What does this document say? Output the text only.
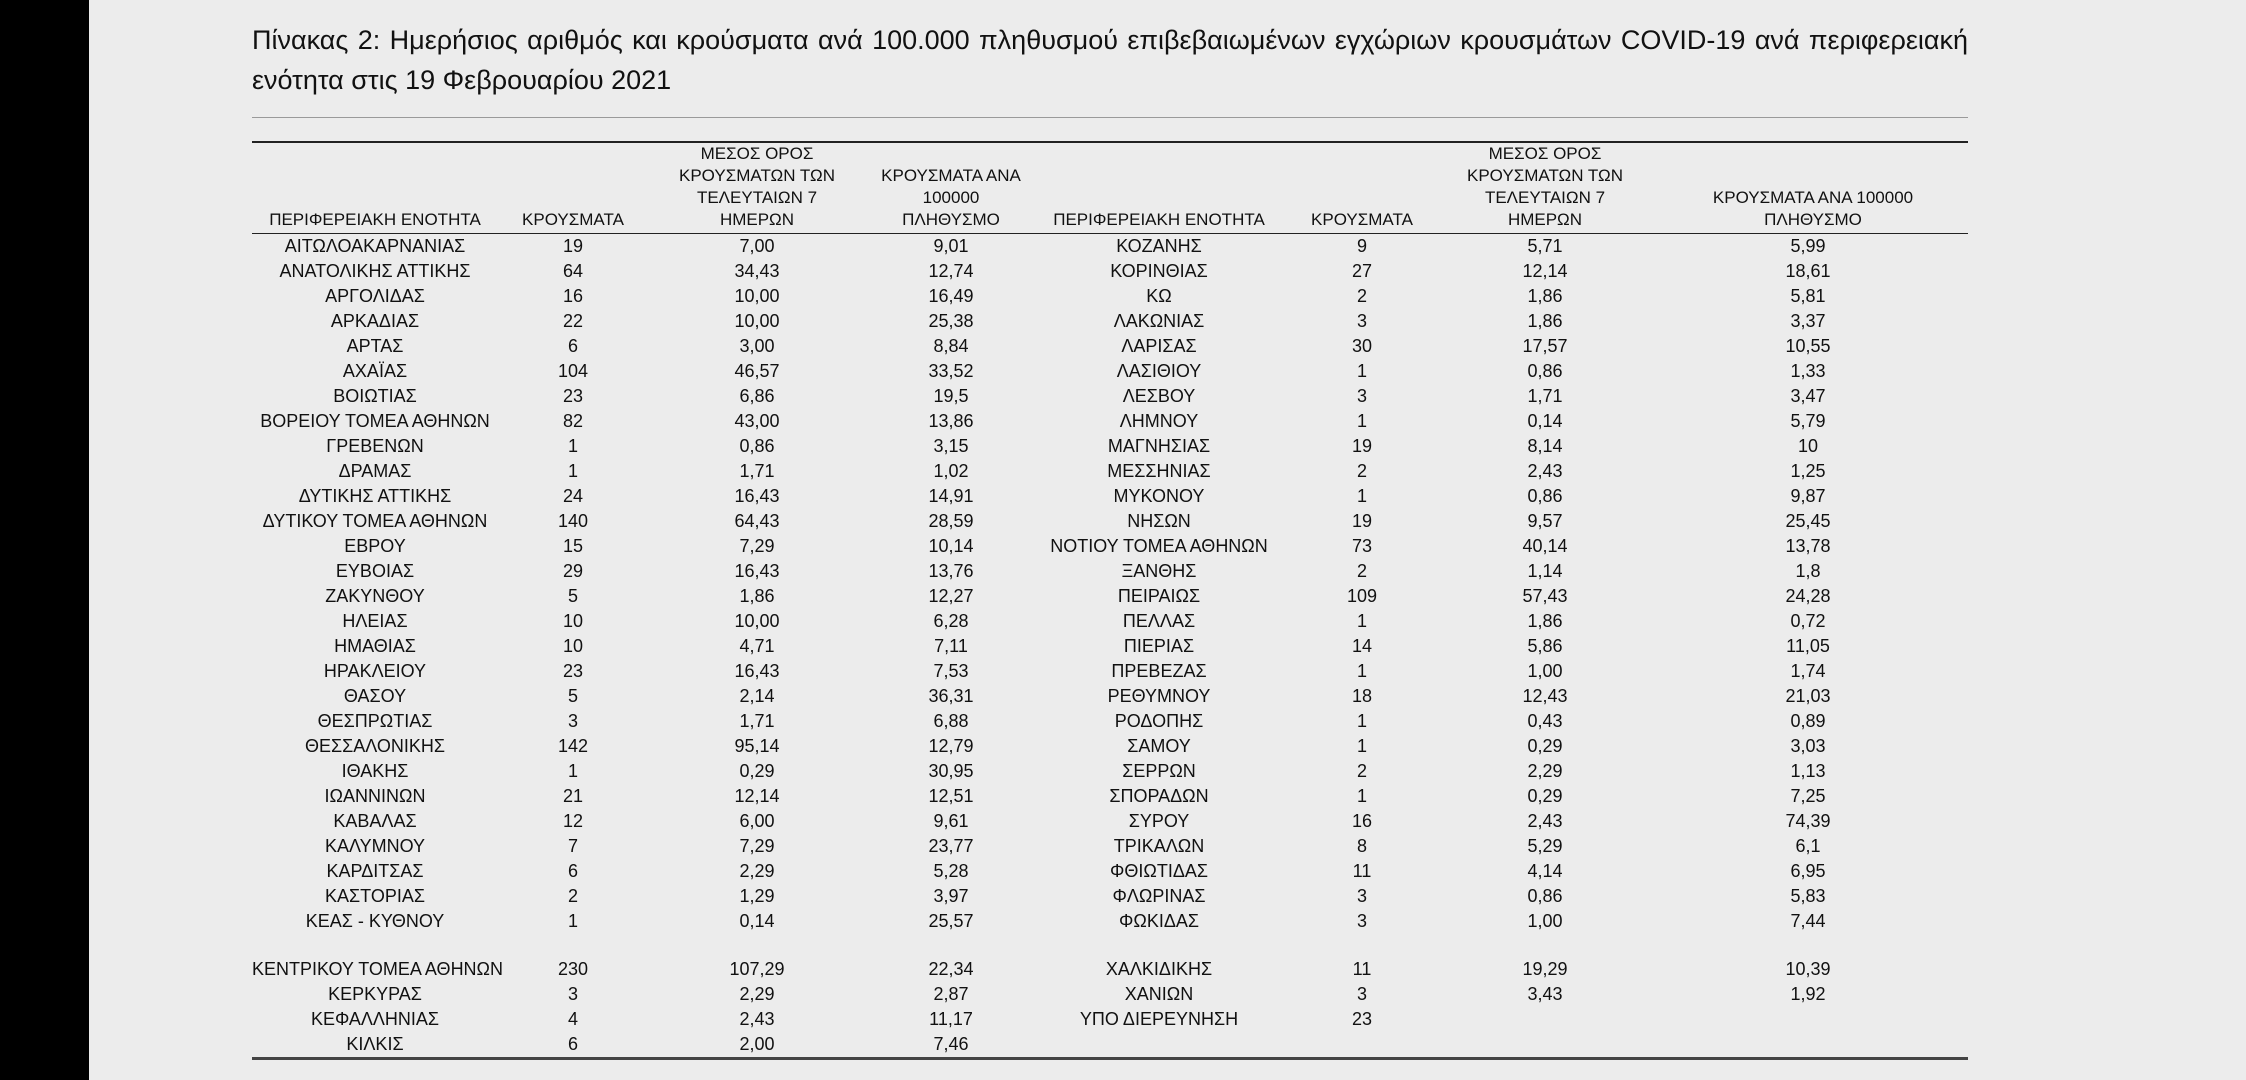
Πίνακας 2: Ημερήσιος αριθμός και κρούσματα ανά 100.000 πληθυσμού επιβεβαιωμένων εγχώριων κρουσμάτων COVID-19 ανά περιφερειακή ενότητα στις 19 Φεβρουαρίου 2021

ΠΕΡΙΦΕΡΕΙΑΚΗ ΕΝΟΤΗΤΑ	ΚΡΟΥΣΜΑΤΑ	ΜΕΣΟΣ ΟΡΟΣ ΚΡΟΥΣΜΑΤΩΝ ΤΩΝ ΤΕΛΕΥΤΑΙΩΝ 7 ΗΜΕΡΩΝ	ΚΡΟΥΣΜΑΤΑ ΑΝΑ 100000 ΠΛΗΘΥΣΜΟ	ΠΕΡΙΦΕΡΕΙΑΚΗ ΕΝΟΤΗΤΑ	ΚΡΟΥΣΜΑΤΑ	ΜΕΣΟΣ ΟΡΟΣ ΚΡΟΥΣΜΑΤΩΝ ΤΩΝ ΤΕΛΕΥΤΑΙΩΝ 7 ΗΜΕΡΩΝ	ΚΡΟΥΣΜΑΤΑ ΑΝΑ 100000 ΠΛΗΘΥΣΜΟ
ΑΙΤΩΛΟΑΚΑΡΝΑΝΙΑΣ	19	7,00	9,01	ΚΟΖΑΝΗΣ	9	5,71	5,99
ΑΝΑΤΟΛΙΚΗΣ ΑΤΤΙΚΗΣ	64	34,43	12,74	ΚΟΡΙΝΘΙΑΣ	27	12,14	18,61
ΑΡΓΟΛΙΔΑΣ	16	10,00	16,49	ΚΩ	2	1,86	5,81
ΑΡΚΑΔΙΑΣ	22	10,00	25,38	ΛΑΚΩΝΙΑΣ	3	1,86	3,37
ΑΡΤΑΣ	6	3,00	8,84	ΛΑΡΙΣΑΣ	30	17,57	10,55
ΑΧΑΪΑΣ	104	46,57	33,52	ΛΑΣΙΘΙΟΥ	1	0,86	1,33
ΒΟΙΩΤΙΑΣ	23	6,86	19,5	ΛΕΣΒΟΥ	3	1,71	3,47
ΒΟΡΕΙΟΥ ΤΟΜΕΑ ΑΘΗΝΩΝ	82	43,00	13,86	ΛΗΜΝΟΥ	1	0,14	5,79
ΓΡΕΒΕΝΩΝ	1	0,86	3,15	ΜΑΓΝΗΣΙΑΣ	19	8,14	10
ΔΡΑΜΑΣ	1	1,71	1,02	ΜΕΣΣΗΝΙΑΣ	2	2,43	1,25
ΔΥΤΙΚΗΣ ΑΤΤΙΚΗΣ	24	16,43	14,91	ΜΥΚΟΝΟΥ	1	0,86	9,87
ΔΥΤΙΚΟΥ ΤΟΜΕΑ ΑΘΗΝΩΝ	140	64,43	28,59	ΝΗΣΩΝ	19	9,57	25,45
ΕΒΡΟΥ	15	7,29	10,14	ΝΟΤΙΟΥ ΤΟΜΕΑ ΑΘΗΝΩΝ	73	40,14	13,78
ΕΥΒΟΙΑΣ	29	16,43	13,76	ΞΑΝΘΗΣ	2	1,14	1,8
ΖΑΚΥΝΘΟΥ	5	1,86	12,27	ΠΕΙΡΑΙΩΣ	109	57,43	24,28
ΗΛΕΙΑΣ	10	10,00	6,28	ΠΕΛΛΑΣ	1	1,86	0,72
ΗΜΑΘΙΑΣ	10	4,71	7,11	ΠΙΕΡΙΑΣ	14	5,86	11,05
ΗΡΑΚΛΕΙΟΥ	23	16,43	7,53	ΠΡΕΒΕΖΑΣ	1	1,00	1,74
ΘΑΣΟΥ	5	2,14	36,31	ΡΕΘΥΜΝΟΥ	18	12,43	21,03
ΘΕΣΠΡΩΤΙΑΣ	3	1,71	6,88	ΡΟΔΟΠΗΣ	1	0,43	0,89
ΘΕΣΣΑΛΟΝΙΚΗΣ	142	95,14	12,79	ΣΑΜΟΥ	1	0,29	3,03
ΙΘΑΚΗΣ	1	0,29	30,95	ΣΕΡΡΩΝ	2	2,29	1,13
ΙΩΑΝΝΙΝΩΝ	21	12,14	12,51	ΣΠΟΡΑΔΩΝ	1	0,29	7,25
ΚΑΒΑΛΑΣ	12	6,00	9,61	ΣΥΡΟΥ	16	2,43	74,39
ΚΑΛΥΜΝΟΥ	7	7,29	23,77	ΤΡΙΚΑΛΩΝ	8	5,29	6,1
ΚΑΡΔΙΤΣΑΣ	6	2,29	5,28	ΦΘΙΩΤΙΔΑΣ	11	4,14	6,95
ΚΑΣΤΟΡΙΑΣ	2	1,29	3,97	ΦΛΩΡΙΝΑΣ	3	0,86	5,83
ΚΕΑΣ - ΚΥΘΝΟΥ	1	0,14	25,57	ΦΩΚΙΔΑΣ	3	1,00	7,44

ΚΕΝΤΡΙΚΟΥ ΤΟΜΕΑ ΑΘΗΝΩΝ	230	107,29	22,34	ΧΑΛΚΙΔΙΚΗΣ	11	19,29	10,39
ΚΕΡΚΥΡΑΣ	3	2,29	2,87	ΧΑΝΙΩΝ	3	3,43	1,92
ΚΕΦΑΛΛΗΝΙΑΣ	4	2,43	11,17	ΥΠΟ ΔΙΕΡΕΥΝΗΣΗ	23		
ΚΙΛΚΙΣ	6	2,00	7,46				
